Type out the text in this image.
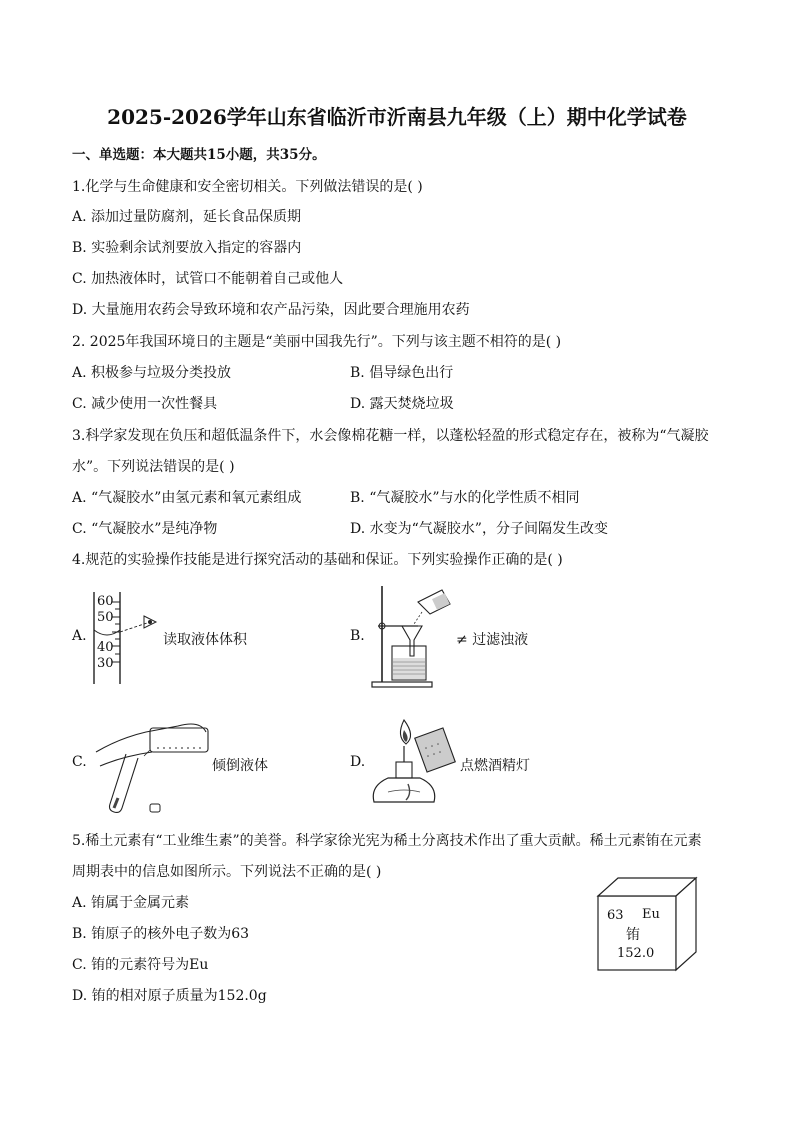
2025-2026学年山东省临沂市沂南县九年级（上）期中化学试卷
一、单选题：本大题共15小题，共35分。
1.化学与生命健康和安全密切相关。下列做法错误的是( )
A. 添加过量防腐剂，延长食品保质期
B. 实验剩余试剂要放入指定的容器内
C. 加热液体时，试管口不能朝着自己或他人
D. 大量施用农药会导致环境和农产品污染，因此要合理施用农药
2. 2025年我国环境日的主题是“美丽中国我先行”。下列与该主题不相符的是( )
A. 积极参与垃圾分类投放	B. 倡导绿色出行
C. 减少使用一次性餐具	D. 露天焚烧垃圾
3.科学家发现在负压和超低温条件下，水会像棉花糖一样，以蓬松轻盈的形式稳定存在，被称为“气凝胶
水”。下列说法错误的是( )
A. “气凝胶水”由氢元素和氧元素组成	B. “气凝胶水”与水的化学性质不相同
C. “气凝胶水”是纯净物	D. 水变为“气凝胶水”，分子间隔发生改变
4.规范的实验操作技能是进行探究活动的基础和保证。下列实验操作正确的是( )
A.
60
50
40
30
读取液体体积	B.	≠ 过滤浊液
C.	倾倒液体	D.	点燃酒精灯
5.稀土元素有“工业维生素”的美誉。科学家徐光宪为稀土分离技术作出了重大贡献。稀土元素铕在元素
周期表中的信息如图所示。下列说法不正确的是( )
A. 铕属于金属元素
B. 铕原子的核外电子数为63
C. 铕的元素符号为Eu
D. 铕的相对原子质量为152.0g
63 Eu
铕
152.0
